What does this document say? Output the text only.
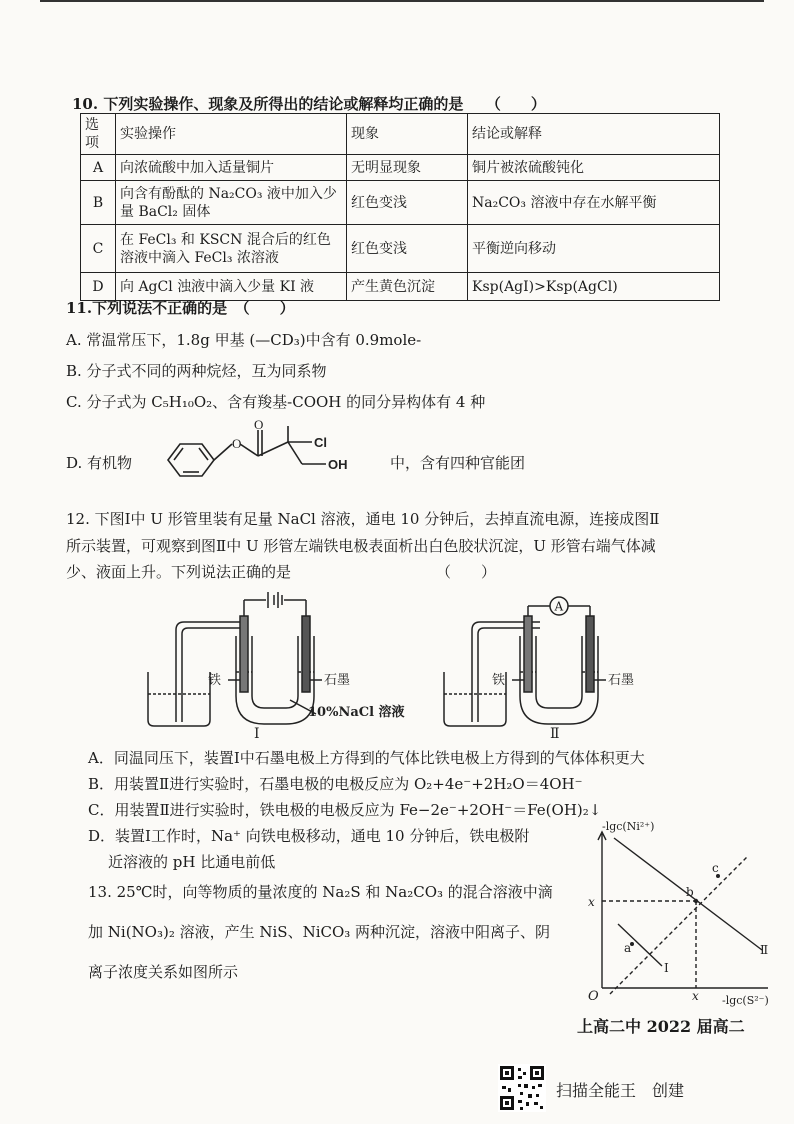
10. 下列实验操作、现象及所得出的结论或解释均正确的是　　（　　）
选项	实验操作	现象	结论或解释
A	向浓硫酸中加入适量铜片	无明显现象	铜片被浓硫酸钝化
B	向含有酚酞的 Na₂CO₃ 液中加入少量 BaCl₂ 固体	红色变浅	Na₂CO₃ 溶液中存在水解平衡
C	在 FeCl₃ 和 KSCN 混合后的红色溶液中滴入 FeCl₃ 浓溶液	红色变浅	平衡逆向移动
D	向 AgCl 浊液中滴入少量 KI 液	产生黄色沉淀	Ksp(AgI)>Ksp(AgCl)
11.下列说法不正确的是　（　　）
A. 常温常压下，1.8g 甲基 (—CD₃)中含有 0.9mole-
B. 分子式不同的两种烷烃，互为同系物
C. 分子式为 C₅H₁₀O₂、含有羧基-COOH 的同分异构体有 4 种
D. 有机物
O
O
Cl
OH	中，含有四种官能团
12. 下图Ⅰ中 U 形管里装有足量 NaCl 溶液，通电 10 分钟后，去掉直流电源，连接成图Ⅱ
所示装置，可观察到图Ⅱ中 U 形管左端铁电极表面析出白色胶状沉淀，U 形管右端气体减
少、液面上升。下列说法正确的是	（　　）
铁	石墨
10%NaCl 溶液
Ⅰ
A
铁	石墨
Ⅱ
A．同温同压下，装置Ⅰ中石墨电极上方得到的气体比铁电极上方得到的气体体积更大
B．用装置Ⅱ进行实验时，石墨电极的电极反应为 O₂+4e⁻+2H₂O＝4OH⁻
C．用装置Ⅱ进行实验时，铁电极的电极反应为 Fe−2e⁻+2OH⁻＝Fe(OH)₂↓
D．装置Ⅰ工作时，Na⁺ 向铁电极移动，通电 10 分钟后，铁电极附
近溶液的 pH 比通电前低
13. 25℃时，向等物质的量浓度的 Na₂S 和 Na₂CO₃ 的混合溶液中滴
加 Ni(NO₃)₂ 溶液，产生 NiS、NiCO₃ 两种沉淀，溶液中阳离子、阴
离子浓度关系如图所示
-lgc(Ni²⁺)
-lgc(S²⁻)
O
x
x
a
b
c
Ⅰ
Ⅱ
上高二中 2022 届高二
扫描全能王　创建
